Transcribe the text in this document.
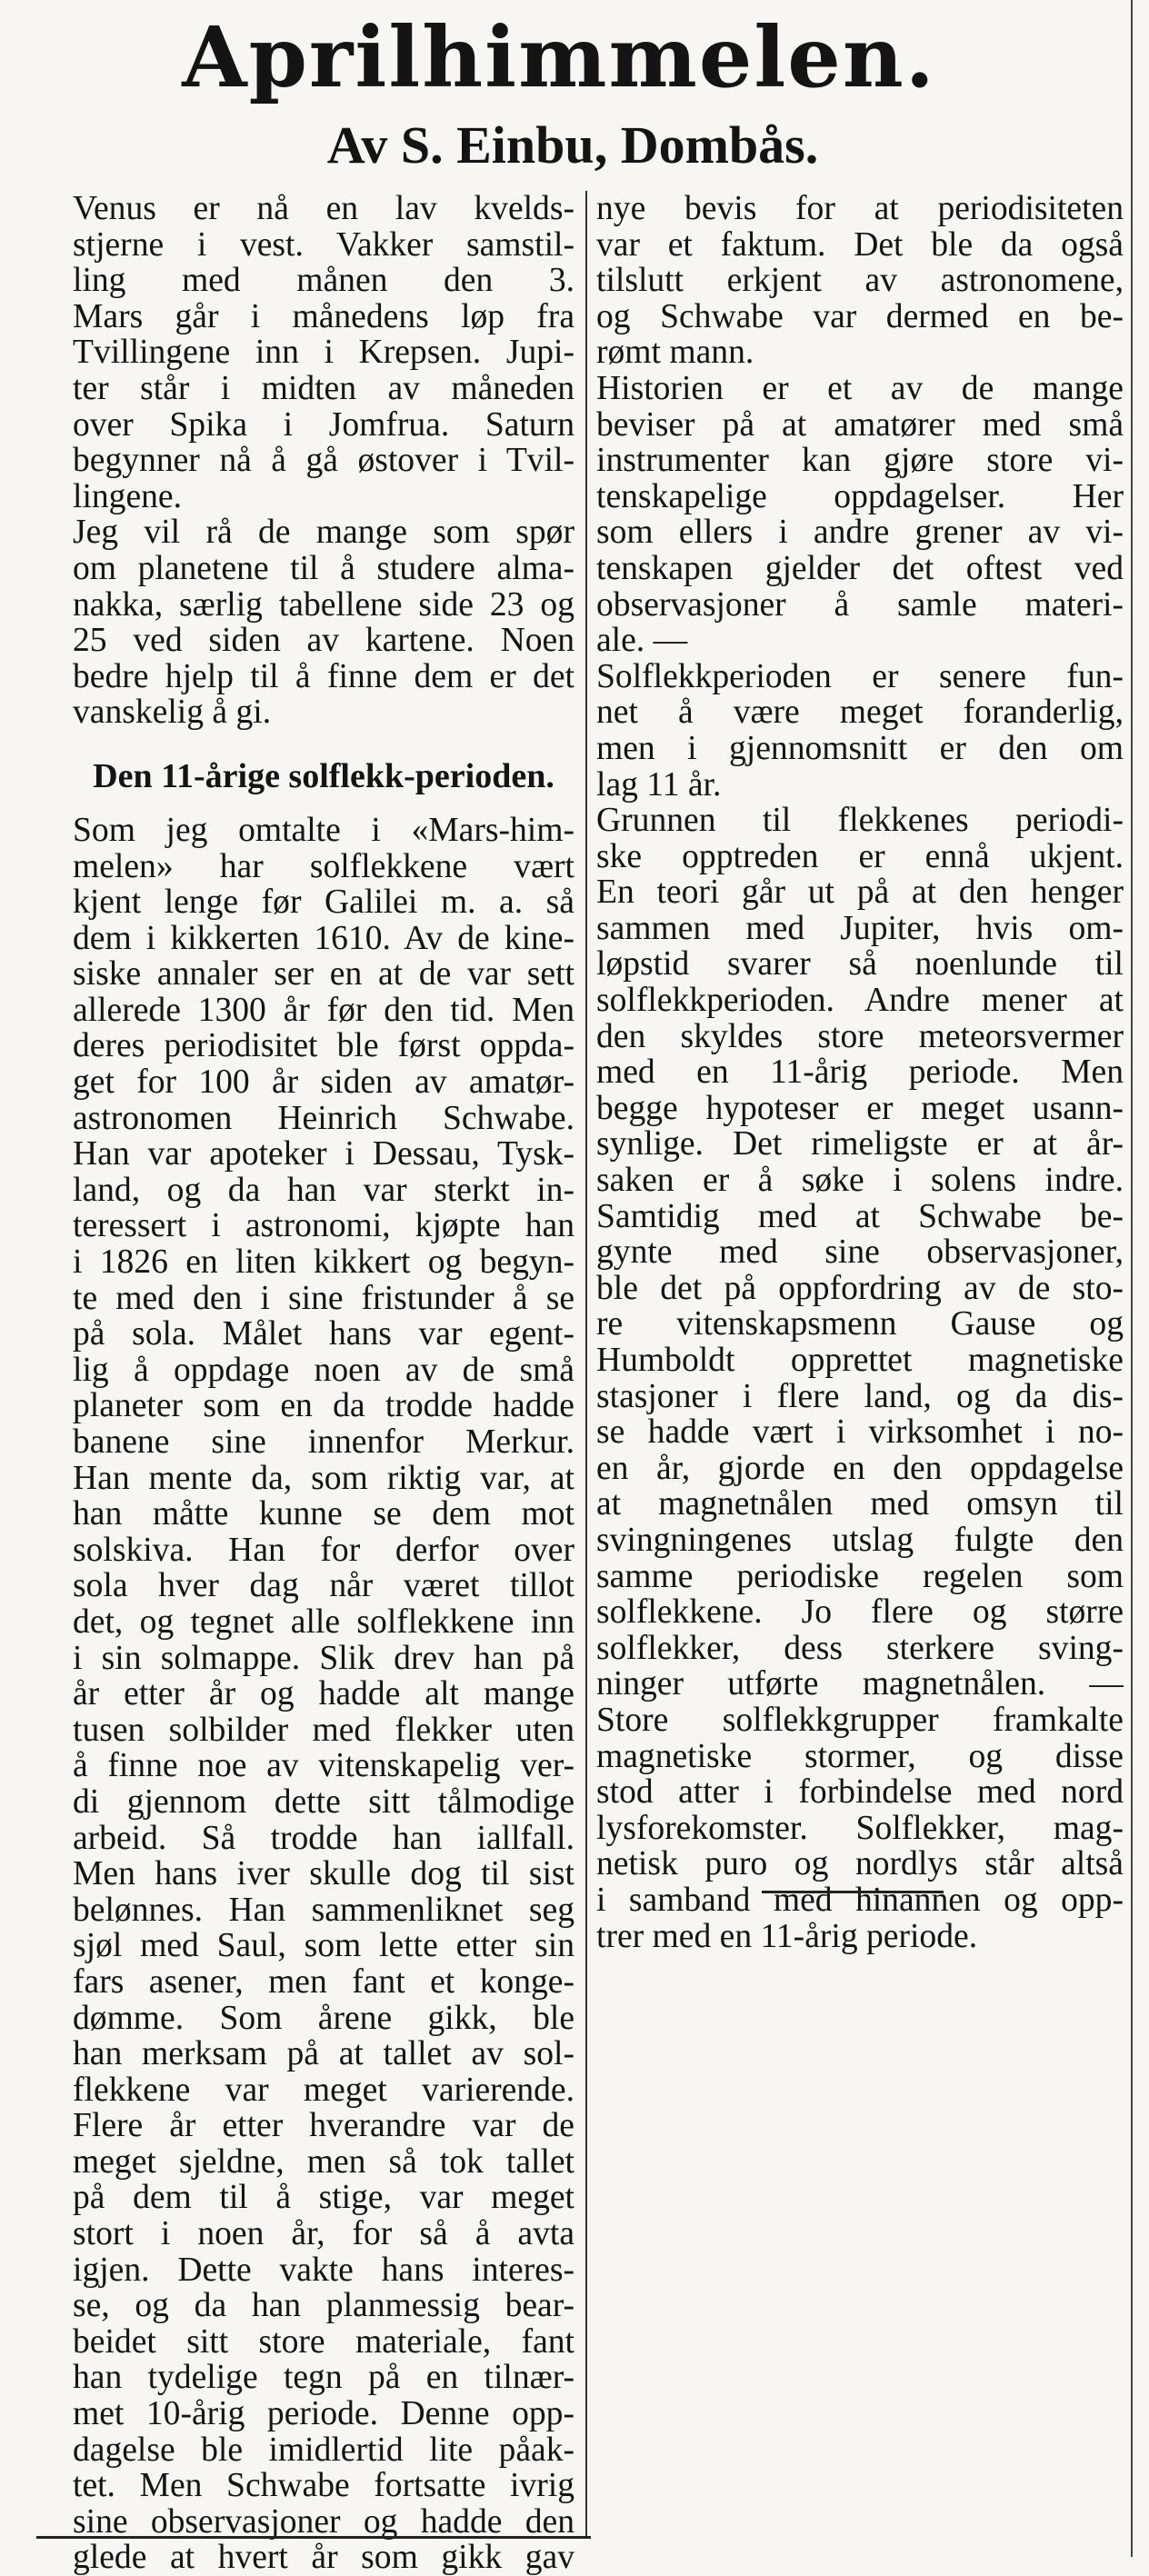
Aprilhimmelen.
Av S. Einbu, Dombås.
Venus er nå en lav kvelds-
stjerne i vest. Vakker samstil-
ling med månen den 3.
Mars går i månedens løp fra
Tvillingene inn i Krepsen. Jupi-
ter står i midten av måneden
over Spika i Jomfrua. Saturn
begynner nå å gå østover i Tvil-
lingene.
Jeg vil rå de mange som spør
om planetene til å studere alma-
nakka, særlig tabellene side 23 og
25 ved siden av kartene. Noen
bedre hjelp til å finne dem er det
vanskelig å gi.
Den 11-årige solflekk-perioden.
Som jeg omtalte i «Mars-him-
melen» har solflekkene vært
kjent lenge før Galilei m. a. så
dem i kikkerten 1610. Av de kine-
siske annaler ser en at de var sett
allerede 1300 år før den tid. Men
deres periodisitet ble først oppda-
get for 100 år siden av amatør-
astronomen Heinrich Schwabe.
Han var apoteker i Dessau, Tysk-
land, og da han var sterkt in-
teressert i astronomi, kjøpte han
i 1826 en liten kikkert og begyn-
te med den i sine fristunder å se
på sola. Målet hans var egent-
lig å oppdage noen av de små
planeter som en da trodde hadde
banene sine innenfor Merkur.
Han mente da, som riktig var, at
han måtte kunne se dem mot
solskiva. Han for derfor over
sola hver dag når været tillot
det, og tegnet alle solflekkene inn
i sin solmappe. Slik drev han på
år etter år og hadde alt mange
tusen solbilder med flekker uten
å finne noe av vitenskapelig ver-
di gjennom dette sitt tålmodige
arbeid. Så trodde han iallfall.
Men hans iver skulle dog til sist
belønnes. Han sammenliknet seg
sjøl med Saul, som lette etter sin
fars asener, men fant et konge-
dømme. Som årene gikk, ble
han merksam på at tallet av sol-
flekkene var meget varierende.
Flere år etter hverandre var de
meget sjeldne, men så tok tallet
på dem til å stige, var meget
stort i noen år, for så å avta
igjen. Dette vakte hans interes-
se, og da han planmessig bear-
beidet sitt store materiale, fant
han tydelige tegn på en tilnær-
met 10-årig periode. Denne opp-
dagelse ble imidlertid lite påak-
tet. Men Schwabe fortsatte ivrig
sine observasjoner og hadde den
glede at hvert år som gikk gav
nye bevis for at periodisiteten
var et faktum. Det ble da også
tilslutt erkjent av astronomene,
og Schwabe var dermed en be-
rømt mann.
Historien er et av de mange
beviser på at amatører med små
instrumenter kan gjøre store vi-
tenskapelige oppdagelser. Her
som ellers i andre grener av vi-
tenskapen gjelder det oftest ved
observasjoner å samle materi-
ale. —
Solflekkperioden er senere fun-
net å være meget foranderlig,
men i gjennomsnitt er den om
lag 11 år.
Grunnen til flekkenes periodi-
ske opptreden er ennå ukjent.
En teori går ut på at den henger
sammen med Jupiter, hvis om-
løpstid svarer så noenlunde til
solflekkperioden. Andre mener at
den skyldes store meteorsvermer
med en 11-årig periode. Men
begge hypoteser er meget usann-
synlige. Det rimeligste er at år-
saken er å søke i solens indre.
Samtidig med at Schwabe be-
gynte med sine observasjoner,
ble det på oppfordring av de sto-
re vitenskapsmenn Gause og
Humboldt opprettet magnetiske
stasjoner i flere land, og da dis-
se hadde vært i virksomhet i no-
en år, gjorde en den oppdagelse
at magnetnålen med omsyn til
svingningenes utslag fulgte den
samme periodiske regelen som
solflekkene. Jo flere og større
solflekker, dess sterkere sving-
ninger utførte magnetnålen. —
Store solflekkgrupper framkalte
magnetiske stormer, og disse
stod atter i forbindelse med nord
lysforekomster. Solflekker, mag-
netisk puro og nordlys står altså
i samband med hinannen og opp-
trer med en 11-årig periode.
